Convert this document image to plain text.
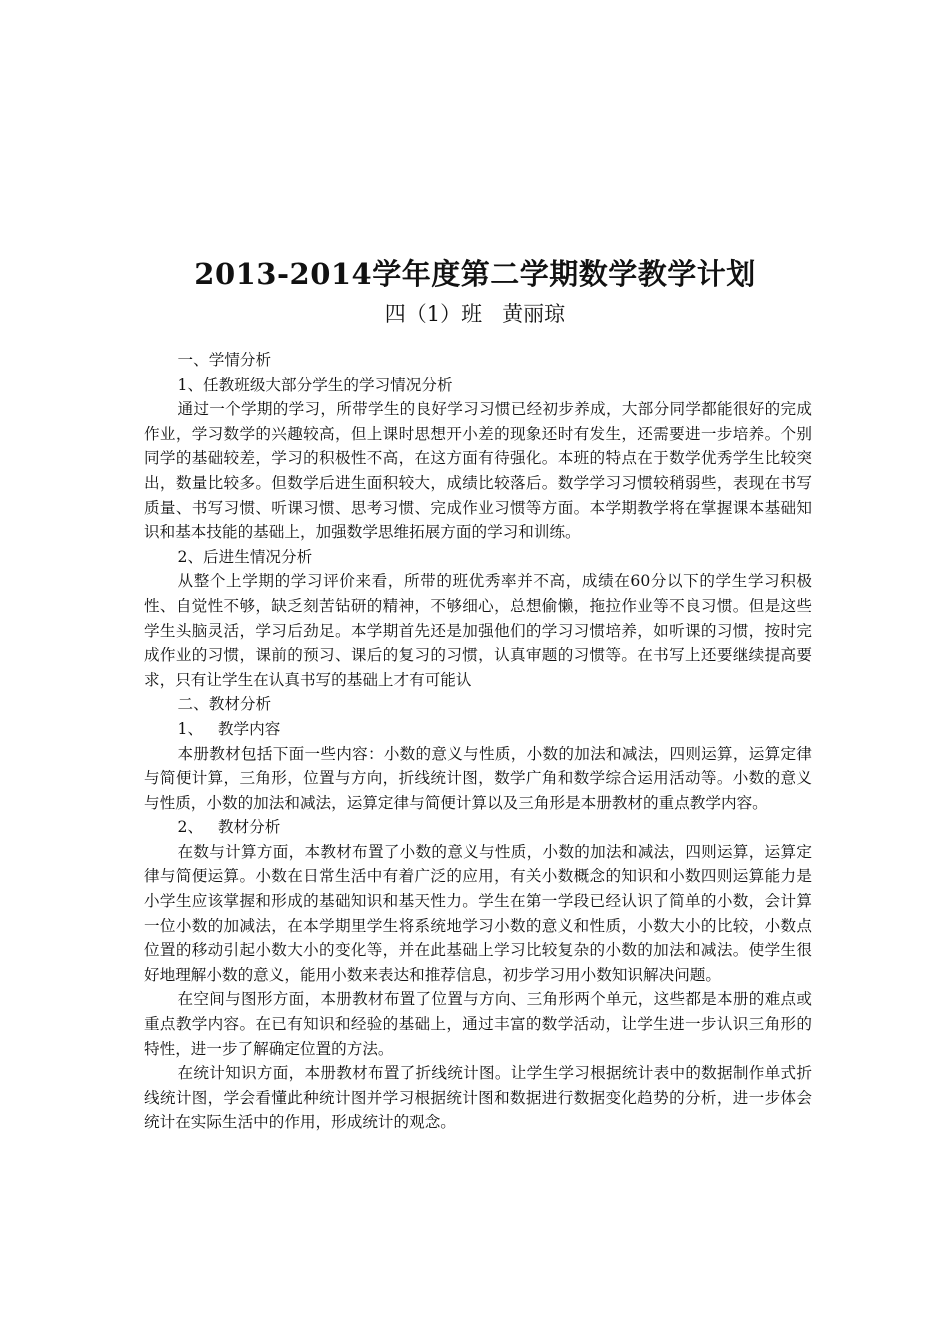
2013-2014学年度第二学期数学教学计划
四（1）班   黄丽琼

一、学情分析

1、任教班级大部分学生的学习情况分析

通过一个学期的学习，所带学生的良好学习习惯已经初步养成，大部分同学都能很好的完成作业，学习数学的兴趣较高，但上课时思想开小差的现象还时有发生，还需要进一步培养。个别同学的基础较差，学习的积极性不高，在这方面有待强化。本班的特点在于数学优秀学生比较突出，数量比较多。但数学后进生面积较大，成绩比较落后。数学学习习惯较稍弱些，表现在书写质量、书写习惯、听课习惯、思考习惯、完成作业习惯等方面。本学期教学将在掌握课本基础知识和基本技能的基础上，加强数学思维拓展方面的学习和训练。

2、后进生情况分析

从整个上学期的学习评价来看，所带的班优秀率并不高，成绩在60分以下的学生学习积极性、自觉性不够，缺乏刻苦钻研的精神，不够细心，总想偷懒，拖拉作业等不良习惯。但是这些学生头脑灵活，学习后劲足。本学期首先还是加强他们的学习习惯培养，如听课的习惯，按时完成作业的习惯，课前的预习、课后的复习的习惯，认真审题的习惯等。在书写上还要继续提高要求，只有让学生在认真书写的基础上才有可能认

二、教材分析

1、   教学内容

本册教材包括下面一些内容：小数的意义与性质，小数的加法和减法，四则运算，运算定律与简便计算，三角形，位置与方向，折线统计图，数学广角和数学综合运用活动等。小数的意义与性质，小数的加法和减法，运算定律与简便计算以及三角形是本册教材的重点教学内容。

2、   教材分析

在数与计算方面，本教材布置了小数的意义与性质，小数的加法和减法，四则运算，运算定律与简便运算。小数在日常生活中有着广泛的应用，有关小数概念的知识和小数四则运算能力是小学生应该掌握和形成的基础知识和基天性力。学生在第一学段已经认识了简单的小数，会计算一位小数的加减法，在本学期里学生将系统地学习小数的意义和性质，小数大小的比较，小数点位置的移动引起小数大小的变化等，并在此基础上学习比较复杂的小数的加法和减法。使学生很好地理解小数的意义，能用小数来表达和推荐信息，初步学习用小数知识解决问题。

在空间与图形方面，本册教材布置了位置与方向、三角形两个单元，这些都是本册的难点或重点教学内容。在已有知识和经验的基础上，通过丰富的数学活动，让学生进一步认识三角形的特性，进一步了解确定位置的方法。

在统计知识方面，本册教材布置了折线统计图。让学生学习根据统计表中的数据制作单式折线统计图，学会看懂此种统计图并学习根据统计图和数据进行数据变化趋势的分析，进一步体会统计在实际生活中的作用，形成统计的观念。
